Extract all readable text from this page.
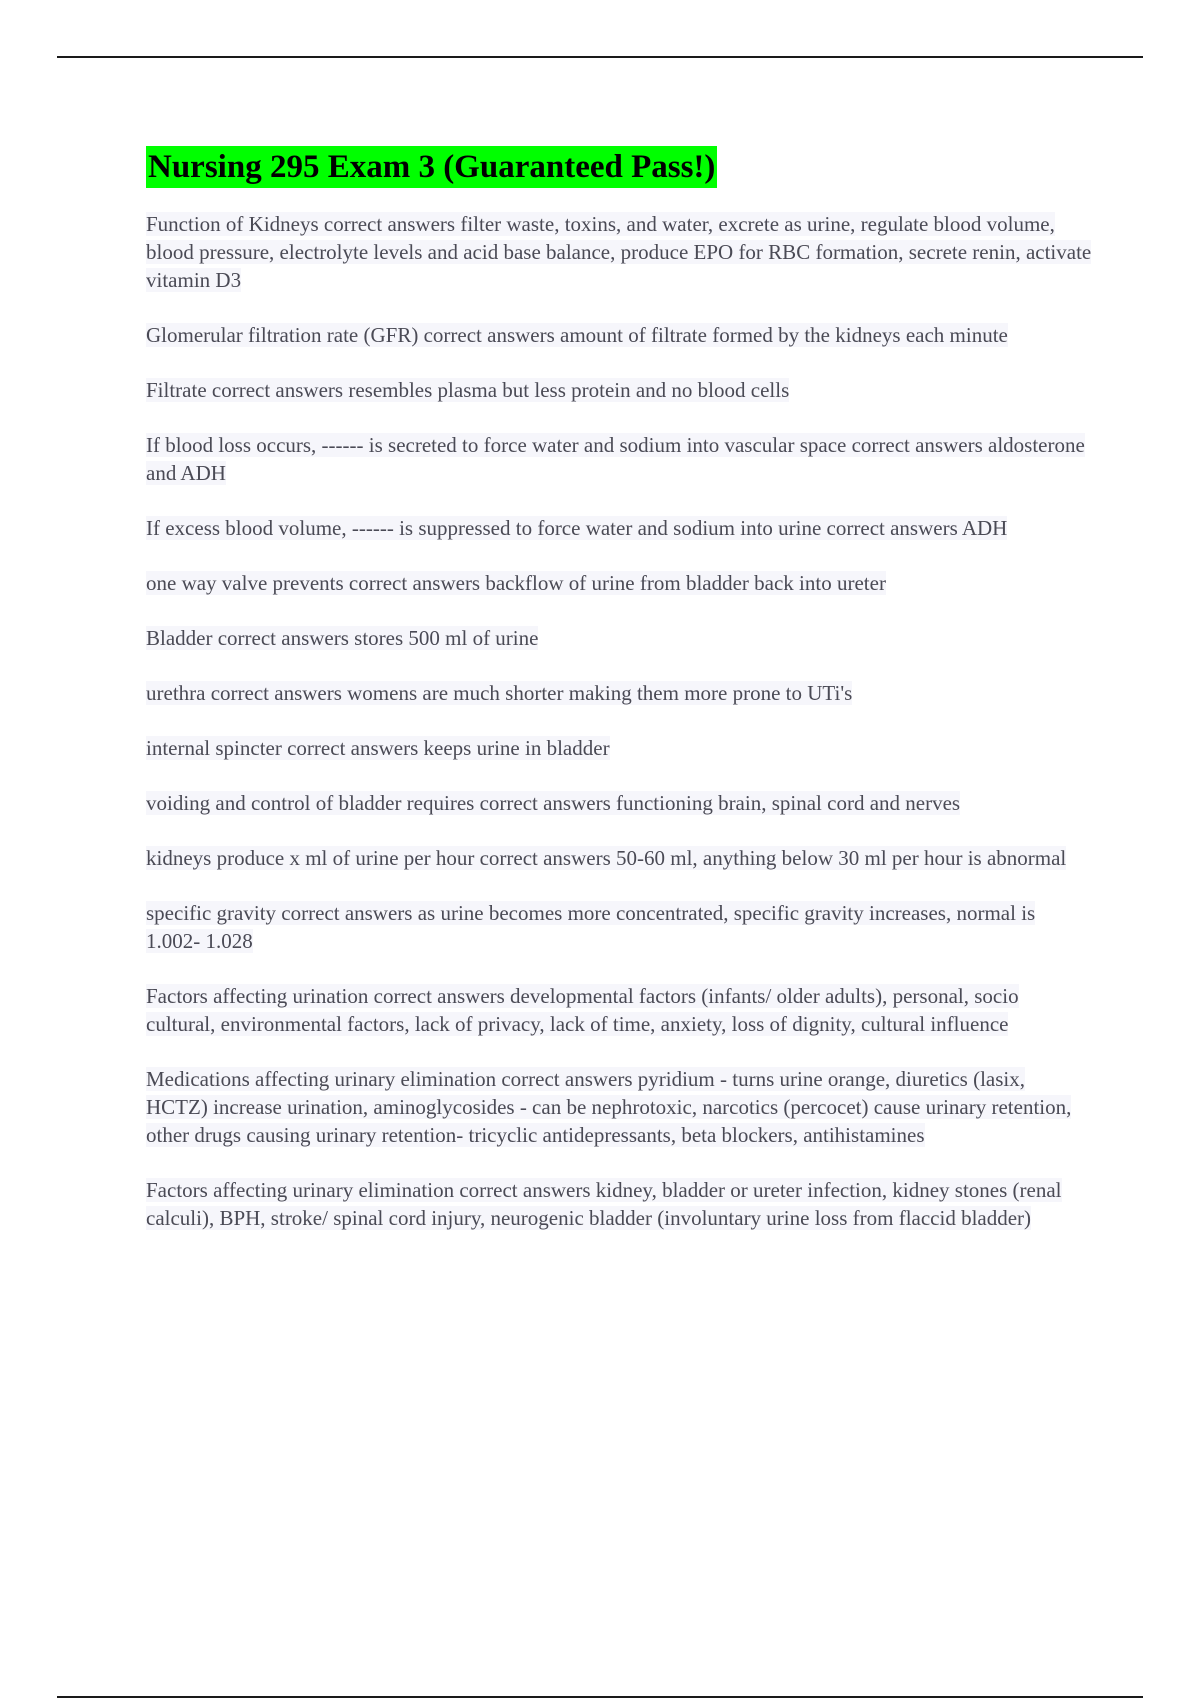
Nursing 295 Exam 3 (Guaranteed Pass!)

Function of Kidneys correct answers filter waste, toxins, and water, excrete as urine, regulate blood volume, blood pressure, electrolyte levels and acid base balance, produce EPO for RBC formation, secrete renin, activate vitamin D3

Glomerular filtration rate (GFR) correct answers amount of filtrate formed by the kidneys each minute

Filtrate correct answers resembles plasma but less protein and no blood cells

If blood loss occurs, ------ is secreted to force water and sodium into vascular space correct answers aldosterone and ADH

If excess blood volume, ------ is suppressed to force water and sodium into urine correct answers ADH

one way valve prevents correct answers backflow of urine from bladder back into ureter

Bladder correct answers stores 500 ml of urine

urethra correct answers womens are much shorter making them more prone to UTi's

internal spincter correct answers keeps urine in bladder

voiding and control of bladder requires correct answers functioning brain, spinal cord and nerves

kidneys produce x ml of urine per hour correct answers 50-60 ml, anything below 30 ml per hour is abnormal

specific gravity correct answers as urine becomes more concentrated, specific gravity increases, normal is 1.002- 1.028

Factors affecting urination correct answers developmental factors (infants/ older adults), personal, socio cultural, environmental factors, lack of privacy, lack of time, anxiety, loss of dignity, cultural influence

Medications affecting urinary elimination correct answers pyridium - turns urine orange, diuretics (lasix, HCTZ) increase urination, aminoglycosides - can be nephrotoxic, narcotics (percocet) cause urinary retention, other drugs causing urinary retention- tricyclic antidepressants, beta blockers, antihistamines

Factors affecting urinary elimination correct answers kidney, bladder or ureter infection, kidney stones (renal calculi), BPH, stroke/ spinal cord injury, neurogenic bladder (involuntary urine loss from flaccid bladder)
